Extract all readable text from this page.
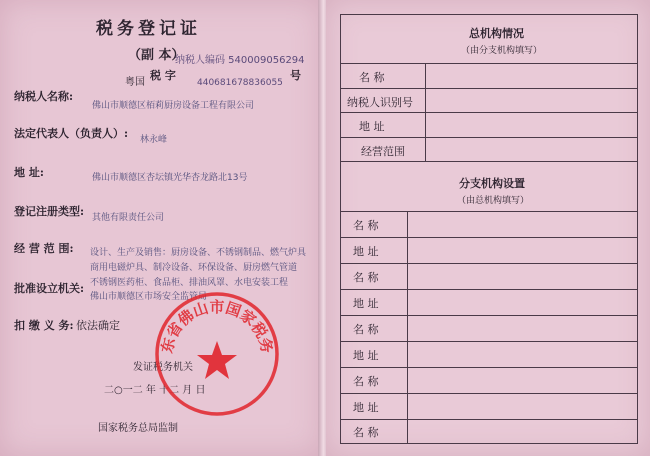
税务登记证
（副 本）
纳税人编码 540009056294
粤国
税 字
440681678836055
号
纳税人名称:
佛山市顺德区栢莉厨房设备工程有限公司
法定代表人（负责人）: 林永峰
地 址:	佛山市顺德区杏坛镇光华杏龙路北13号
登记注册类型: 其他有限责任公司
经 营 范 围: 设计、生产及销售：厨房设备、不锈钢制品、燃气炉具
商用电磁炉具、制冷设备、环保设备、厨房燃气管道
不锈钢医药柜、食品柜、排油风罩、水电安装工程
批准设立机关:
佛山市顺德区市场安全监管局
扣 缴 义 务: 依法确定
发证税务机关
二○一二 年 十二 月 日
国家税务总局监制
东省佛山市国家税务
总机构情况
（由分支机构填写）
名 称
纳税人识别号
地 址
经营范围
分支机构设置
（由总机构填写）
名 称
地 址
名 称
地 址
名 称
地 址
名 称
地 址
名 称
